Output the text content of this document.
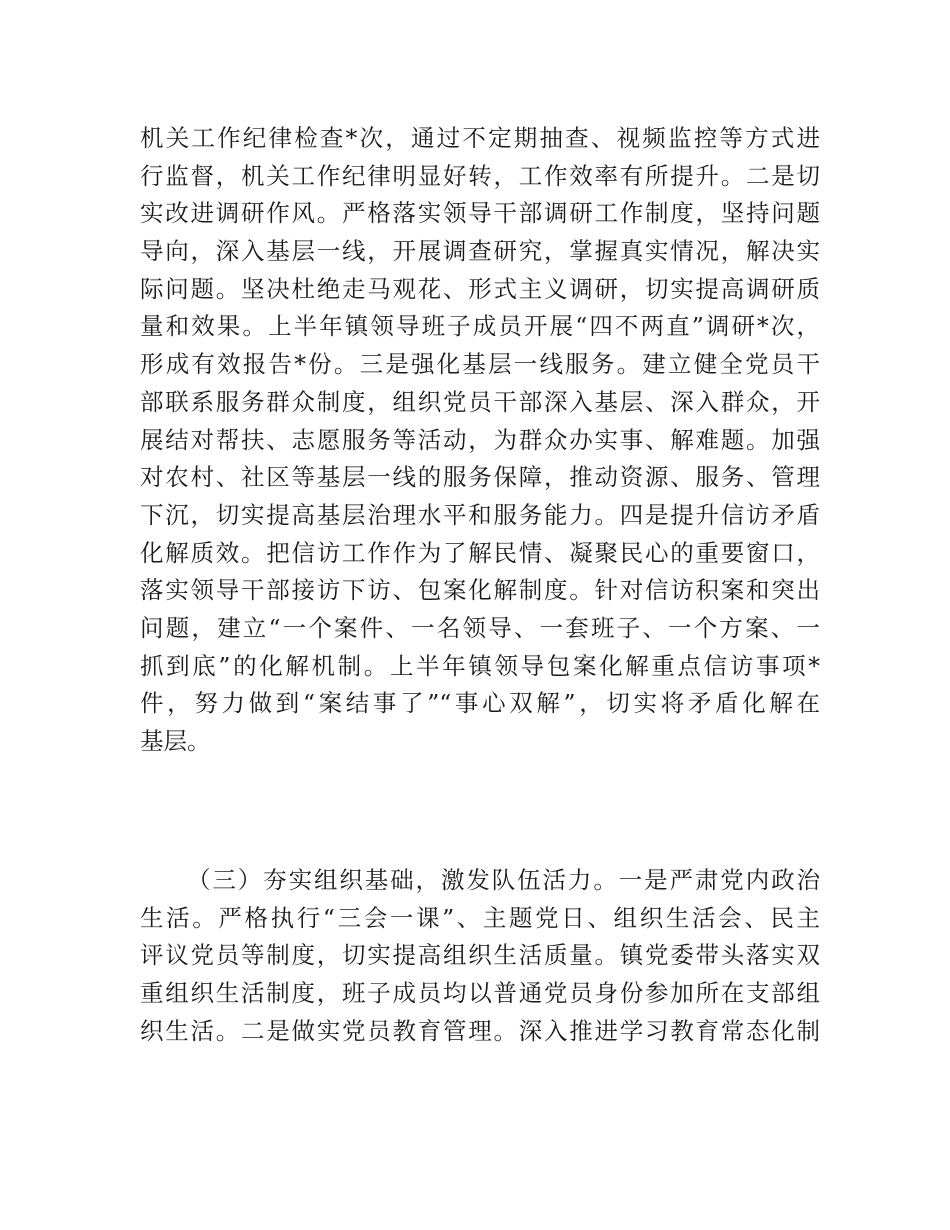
机关工作纪律检查*次，通过不定期抽查、视频监控等方式进
行监督，机关工作纪律明显好转，工作效率有所提升。二是切
实改进调研作风。严格落实领导干部调研工作制度，坚持问题
导向，深入基层一线，开展调查研究，掌握真实情况，解决实
际问题。坚决杜绝走马观花、形式主义调研，切实提高调研质
量和效果。上半年镇领导班子成员开展“四不两直”调研*次，
形成有效报告*份。三是强化基层一线服务。建立健全党员干
部联系服务群众制度，组织党员干部深入基层、深入群众，开
展结对帮扶、志愿服务等活动，为群众办实事、解难题。加强
对农村、社区等基层一线的服务保障，推动资源、服务、管理
下沉，切实提高基层治理水平和服务能力。四是提升信访矛盾
化解质效。把信访工作作为了解民情、凝聚民心的重要窗口，
落实领导干部接访下访、包案化解制度。针对信访积案和突出
问题，建立“一个案件、一名领导、一套班子、一个方案、一
抓到底”的化解机制。上半年镇领导包案化解重点信访事项*
件，努力做到“案结事了”“事心双解”，切实将矛盾化解在
基层。
（三）夯实组织基础，激发队伍活力。一是严肃党内政治
生活。严格执行“三会一课”、主题党日、组织生活会、民主
评议党员等制度，切实提高组织生活质量。镇党委带头落实双
重组织生活制度，班子成员均以普通党员身份参加所在支部组
织生活。二是做实党员教育管理。深入推进学习教育常态化制
